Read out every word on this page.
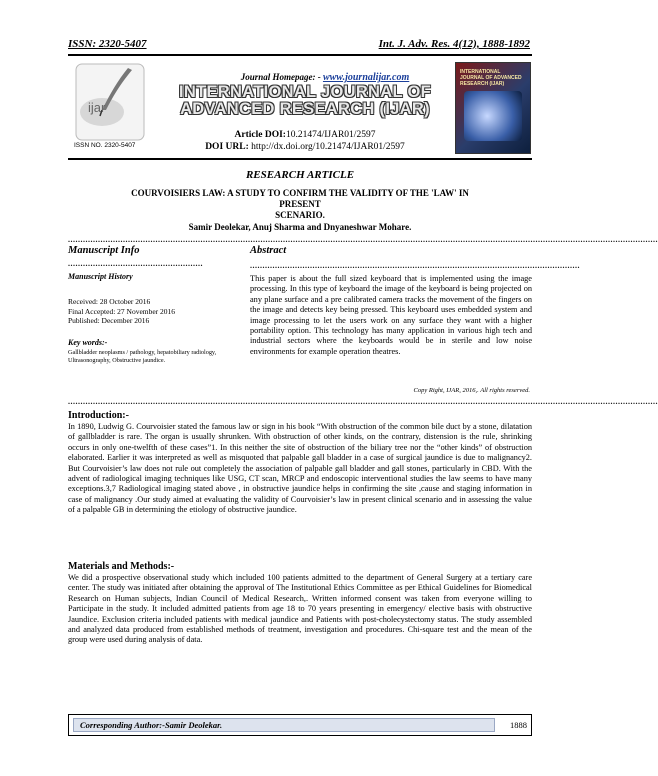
ISSN: 2320-5407	Int. J. Adv. Res. 4(12), 1888-1892
ijar
ISSN NO. 2320-5407
Journal Homepage: - www.journalijar.com
INTERNATIONAL JOURNAL OF
ADVANCED RESEARCH (IJAR)
Article DOI:10.21474/IJAR01/2597
DOI URL: http://dx.doi.org/10.21474/IJAR01/2597
INTERNATIONAL JOURNAL OF ADVANCED RESEARCH (IJAR)
RESEARCH ARTICLE
COURVOISIERS LAW: A STUDY TO CONFIRM THE VALIDITY OF THE 'LAW' IN PRESENT
SCENARIO.
Samir Deolekar, Anuj Sharma and Dnyaneshwar Mohare.
............................................................................................................................................................................................................................................
Manuscript Info	Abstract
......................................................	....................................................................................................................................
Manuscript History
Received: 28 October 2016
Final Accepted: 27 November 2016
Published: December 2016
Key words:-
Gallbladder neoplasms / pathology, hepatobiliary radiology, Ultrasonography, Obstructive jaundice.
This paper is about the full sized keyboard that is implemented using the image processing. In this type of keyboard the image of the keyboard is being projected on any plane surface and a pre calibrated camera tracks the movement of the fingers on the image and detects key being pressed. This keyboard uses embedded system and image processing to let the users work on any surface they want with a higher portability option. This technology has many application in various high tech and industrial sectors where the keyboards would be in sterile and low noise environments for example operation theatres.
Copy Right, IJAR, 2016,. All rights reserved.
............................................................................................................................................................................................................................................
Introduction:-
In 1890, Ludwig G. Courvoisier stated the famous law or sign in his book “With obstruction of the common bile duct by a stone, dilatation of gallbladder is rare. The organ is usually shrunken. With obstruction of other kinds, on the contrary, distension is the rule, shrinking occurs in only one-twelfth of these cases”1. In this neither the site of obstruction of the biliary tree nor the “other kinds” of obstruction elaborated. Earlier it was interpreted as well as misquoted that palpable gall bladder in a case of surgical jaundice is due to malignancy2. But Courvoisier’s law does not rule out completely the association of palpable gall bladder and gall stones, particularly in CBD. With the advent of radiological imaging techniques like USG, CT scan, MRCP and endoscopic interventional studies the law seems to have many exceptions.3,7 Radiological imaging stated above , in obstructive jaundice helps in confirming the site ,cause and staging information in case of malignancy .Our study aimed at evaluating the validity of Courvoisier’s law in present clinical scenario and in assessing the value of a palpable GB in determining the etiology of obstructive jaundice.
Materials and Methods:-
We did a prospective observational study which included 100 patients admitted to the department of General Surgery at a tertiary care center. The study was initiated after obtaining the approval of The Institutional Ethics Committee as per Ethical Guidelines for Biomedical Research on Human subjects, Indian Council of Medical Research,. Written informed consent was taken from everyone willing to Participate in the study. It included admitted patients from age 18 to 70 years presenting in emergency/ elective basis with obstructive Jaundice. Exclusion criteria included patients with medical jaundice and Patients with post-cholecystectomy status. The study assembled and analyzed data produced from established methods of treatment, investigation and procedures. Chi-square test and the mean of the group were used during analysis of data.
Corresponding Author:-Samir Deolekar.	1888
